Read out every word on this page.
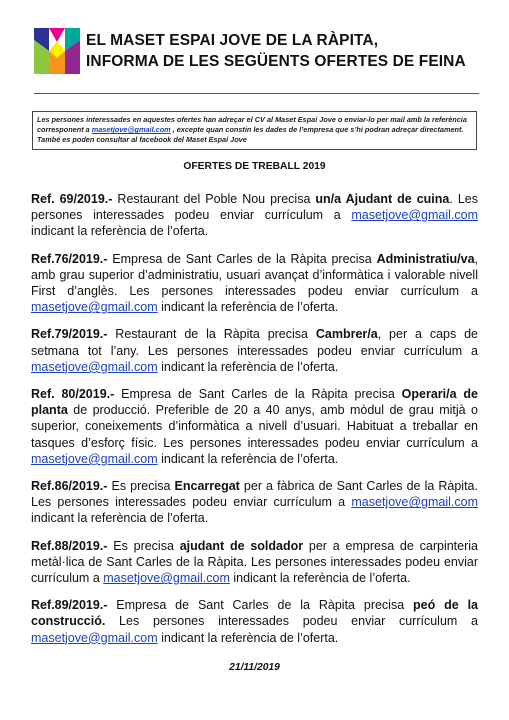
EL MASET ESPAI JOVE DE LA RÀPITA,
INFORMA DE LES SEGÜENTS OFERTES DE FEINA
Les persones interessades en aquestes ofertes han adreçar el CV al Maset Espai Jove o enviar-lo per mail amb la referència corresponent a masetjove@gmail.com , excepte quan constin les dades de l’empresa que s’hi podran adreçar directament. També es poden consultar al facebook del Maset Espai Jove
OFERTES DE TREBALL 2019

Ref. 69/2019.- Restaurant del Poble Nou precisa un/a Ajudant de cuina. Les persones interessades podeu enviar currículum a masetjove@gmail.com indicant la referència de l’oferta.

Ref.76/2019.- Empresa de Sant Carles de la Ràpita precisa Administratiu/va, amb grau superior d’administratiu, usuari avançat d’informàtica i valorable nivell First d’anglès. Les persones interessades podeu enviar currículum a masetjove@gmail.com indicant la referència de l’oferta.

Ref.79/2019.- Restaurant de la Ràpita precisa Cambrer/a, per a caps de setmana tot l’any. Les persones interessades podeu enviar currículum a masetjove@gmail.com indicant la referència de l’oferta.

Ref. 80/2019.- Empresa de Sant Carles de la Ràpita precisa Operari/a de planta de producció. Preferible de 20 a 40 anys, amb mòdul de grau mitjà o superior, coneixements d’informàtica a nivell d’usuari. Habituat a treballar en tasques d’esforç físic. Les persones interessades podeu enviar currículum a masetjove@gmail.com indicant la referència de l’oferta.

Ref.86/2019.- Es precisa Encarregat per a fàbrica de Sant Carles de la Ràpita. Les persones interessades podeu enviar currículum a masetjove@gmail.com indicant la referència de l’oferta.

Ref.88/2019.- Es precisa ajudant de soldador per a empresa de carpinteria metàl·lica de Sant Carles de la Ràpita. Les persones interessades podeu enviar currículum a masetjove@gmail.com indicant la referència de l’oferta.

Ref.89/2019.- Empresa de Sant Carles de la Ràpita precisa peó de la construcció. Les persones interessades podeu enviar currículum a masetjove@gmail.com indicant la referència de l’oferta.

21/11/2019
